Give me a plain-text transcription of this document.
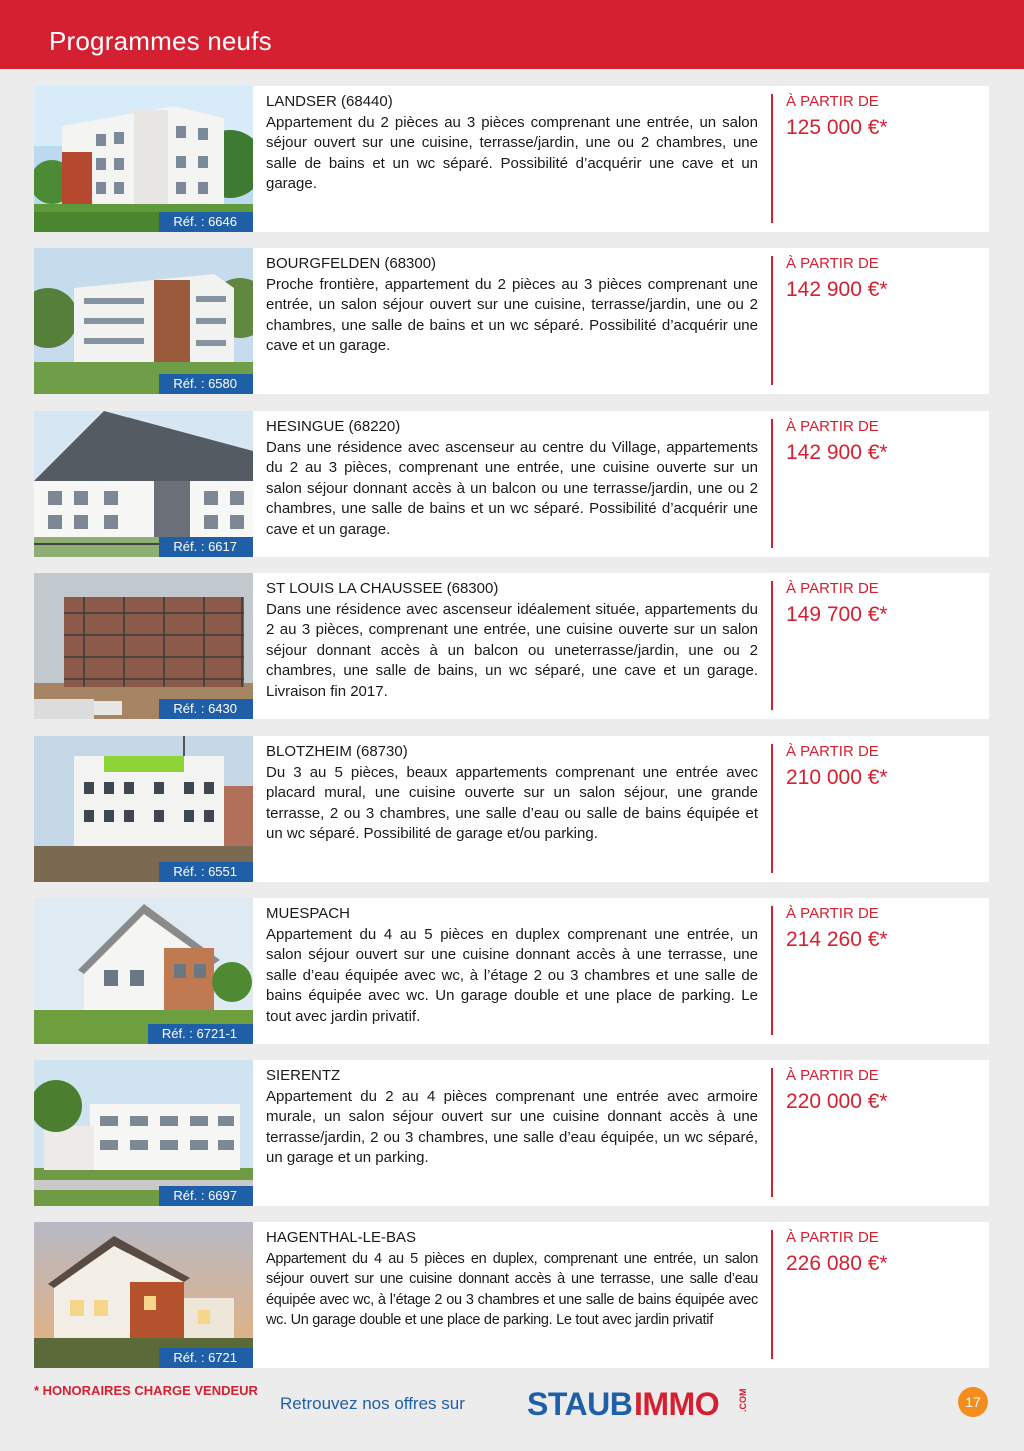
Programmes neufs
Réf. : 6646
LANDSER (68440)
Appartement du 2 pièces au 3 pièces comprenant une entrée, un salon séjour ouvert sur une cuisine, terrasse/jardin, une ou 2 chambres, une salle de bains et un wc séparé. Possibilité d’acquérir une cave et un garage.
À PARTIR DE
125 000 €*
Réf. : 6580
BOURGFELDEN (68300)
Proche frontière, appartement du 2 pièces au 3 pièces comprenant une entrée, un salon séjour ouvert sur une cuisine, terrasse/jardin, une ou 2 chambres, une salle de bains et un wc séparé. Possibilité d’acquérir une cave et un garage.
À PARTIR DE
142 900 €*
Réf. : 6617
HESINGUE (68220)
Dans une résidence avec ascenseur au centre du Village, appartements du 2 au 3 pièces, comprenant une entrée, une cuisine ouverte sur un salon séjour donnant accès à un balcon ou une terrasse/jardin, une ou 2 chambres, une salle de bains et un wc séparé. Possibilité d’acquérir une cave et un garage.
À PARTIR DE
142 900 €*
Réf. : 6430
ST LOUIS LA CHAUSSEE (68300)
Dans une résidence avec ascenseur idéalement située, appartements du 2 au 3 pièces, comprenant une entrée, une cuisine ouverte sur un salon séjour donnant accès à un balcon ou uneterrasse/jardin, une ou 2 chambres, une salle de bains, un wc séparé, une cave et un garage. Livraison fin 2017.
À PARTIR DE
149 700 €*
Réf. : 6551
BLOTZHEIM (68730)
Du 3 au 5 pièces, beaux appartements comprenant une entrée avec placard mural, une cuisine ouverte sur un salon séjour, une grande terrasse, 2 ou 3 chambres, une salle d’eau ou salle de bains équipée et un wc séparé. Possibilité de garage et/ou parking.
À PARTIR DE
210 000 €*
Réf. : 6721-1
MUESPACH
Appartement du 4 au 5 pièces en duplex comprenant une entrée, un salon séjour ouvert sur une cuisine donnant accès à une terrasse, une salle d’eau équipée avec wc, à l’étage 2 ou 3 chambres et une salle de bains équipée avec wc. Un garage double et une place de parking. Le tout avec jardin privatif.
À PARTIR DE
214 260 €*
Réf. : 6697
SIERENTZ
Appartement du 2 au 4 pièces comprenant une entrée avec armoire murale, un salon séjour ouvert sur une cuisine donnant accès à une terrasse/jardin, 2 ou 3 chambres, une salle d’eau équipée, un wc séparé, un garage et un parking.
À PARTIR DE
220 000 €*
Réf. : 6721
HAGENTHAL-LE-BAS
Appartement du 4 au 5 pièces en duplex, comprenant une entrée, un salon séjour ouvert sur une cuisine donnant accès à une terrasse, une salle d’eau équipée avec wc, à l’étage 2 ou 3 chambres et une salle de bains équipée avec wc. Un garage double et une place de parking. Le tout avec jardin privatif
À PARTIR DE
226 080 €*
* HONORAIRES CHARGE VENDEUR
Retrouvez nos offres sur STAUB IMMO .COM	17
